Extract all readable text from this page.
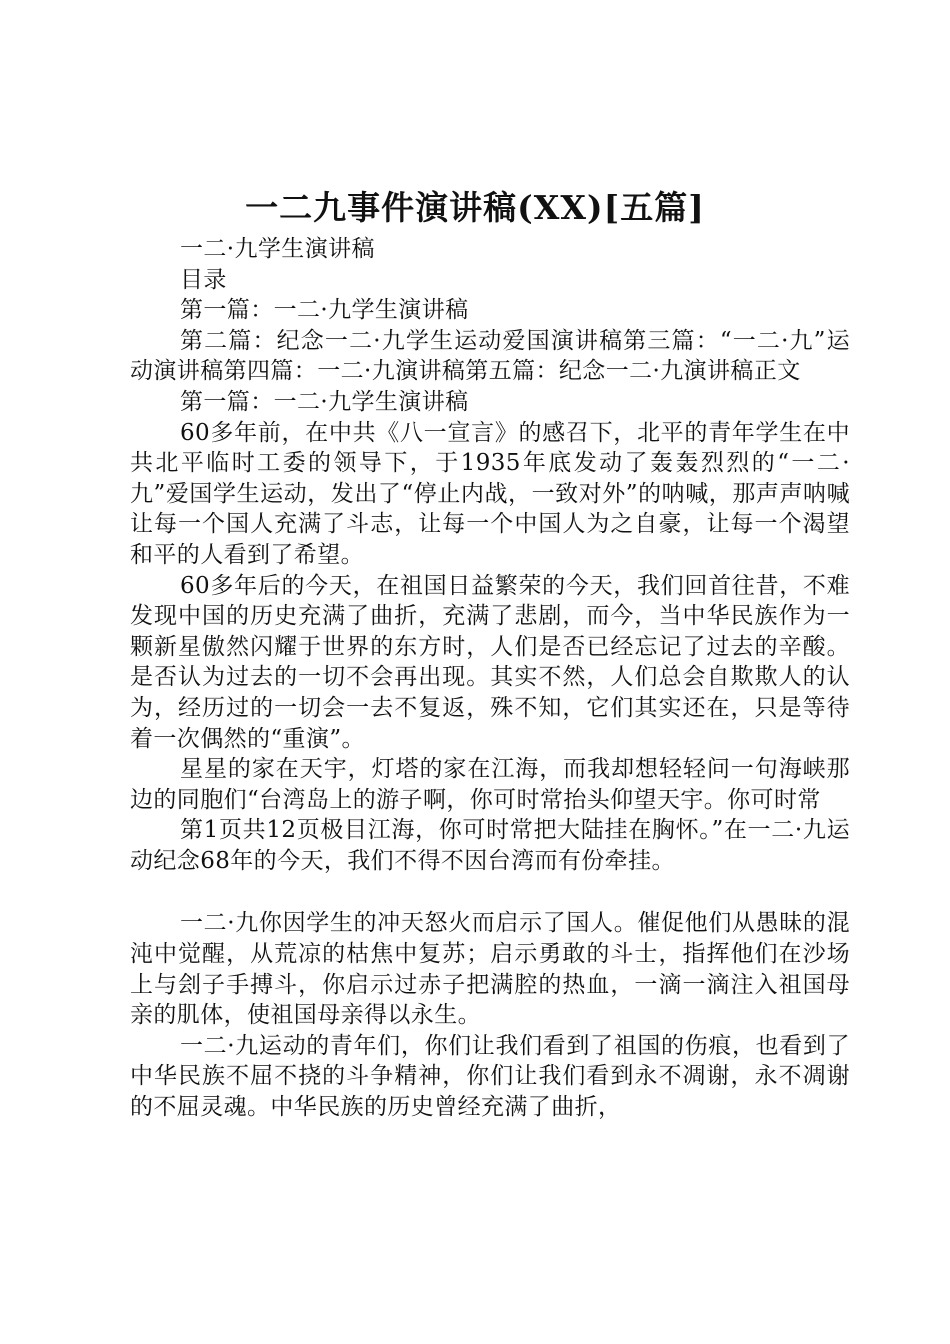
一二九事件演讲稿(XX)[五篇]

一二·九学生演讲稿

目录

第一篇：一二·九学生演讲稿

第二篇：纪念一二·九学生运动爱国演讲稿第三篇：“一二·九”运动演讲稿第四篇：一二·九演讲稿第五篇：纪念一二·九演讲稿正文

第一篇：一二·九学生演讲稿

60多年前，在中共《八一宣言》的感召下，北平的青年学生在中共北平临时工委的领导下，于1935年底发动了轰轰烈烈的“一二·九”爱国学生运动，发出了“停止内战，一致对外”的呐喊，那声声呐喊让每一个国人充满了斗志，让每一个中国人为之自豪，让每一个渴望和平的人看到了希望。

60多年后的今天，在祖国日益繁荣的今天，我们回首往昔，不难发现中国的历史充满了曲折，充满了悲剧，而今，当中华民族作为一颗新星傲然闪耀于世界的东方时，人们是否已经忘记了过去的辛酸。是否认为过去的一切不会再出现。其实不然，人们总会自欺欺人的认为，经历过的一切会一去不复返，殊不知，它们其实还在，只是等待着一次偶然的“重演”。

星星的家在天宇，灯塔的家在江海，而我却想轻轻问一句海峡那边的同胞们“台湾岛上的游子啊，你可时常抬头仰望天宇。你可时常

第1页共12页极目江海，你可时常把大陆挂在胸怀。”在一二·九运动纪念68年的今天，我们不得不因台湾而有份牵挂。

一二·九你因学生的冲天怒火而启示了国人。催促他们从愚昧的混沌中觉醒，从荒凉的枯焦中复苏；启示勇敢的斗士，指挥他们在沙场上与刽子手搏斗，你启示过赤子把满腔的热血，一滴一滴注入祖国母亲的肌体，使祖国母亲得以永生。

一二·九运动的青年们，你们让我们看到了祖国的伤痕，也看到了中华民族不屈不挠的斗争精神，你们让我们看到永不凋谢，永不凋谢的不屈灵魂。中华民族的历史曾经充满了曲折，
